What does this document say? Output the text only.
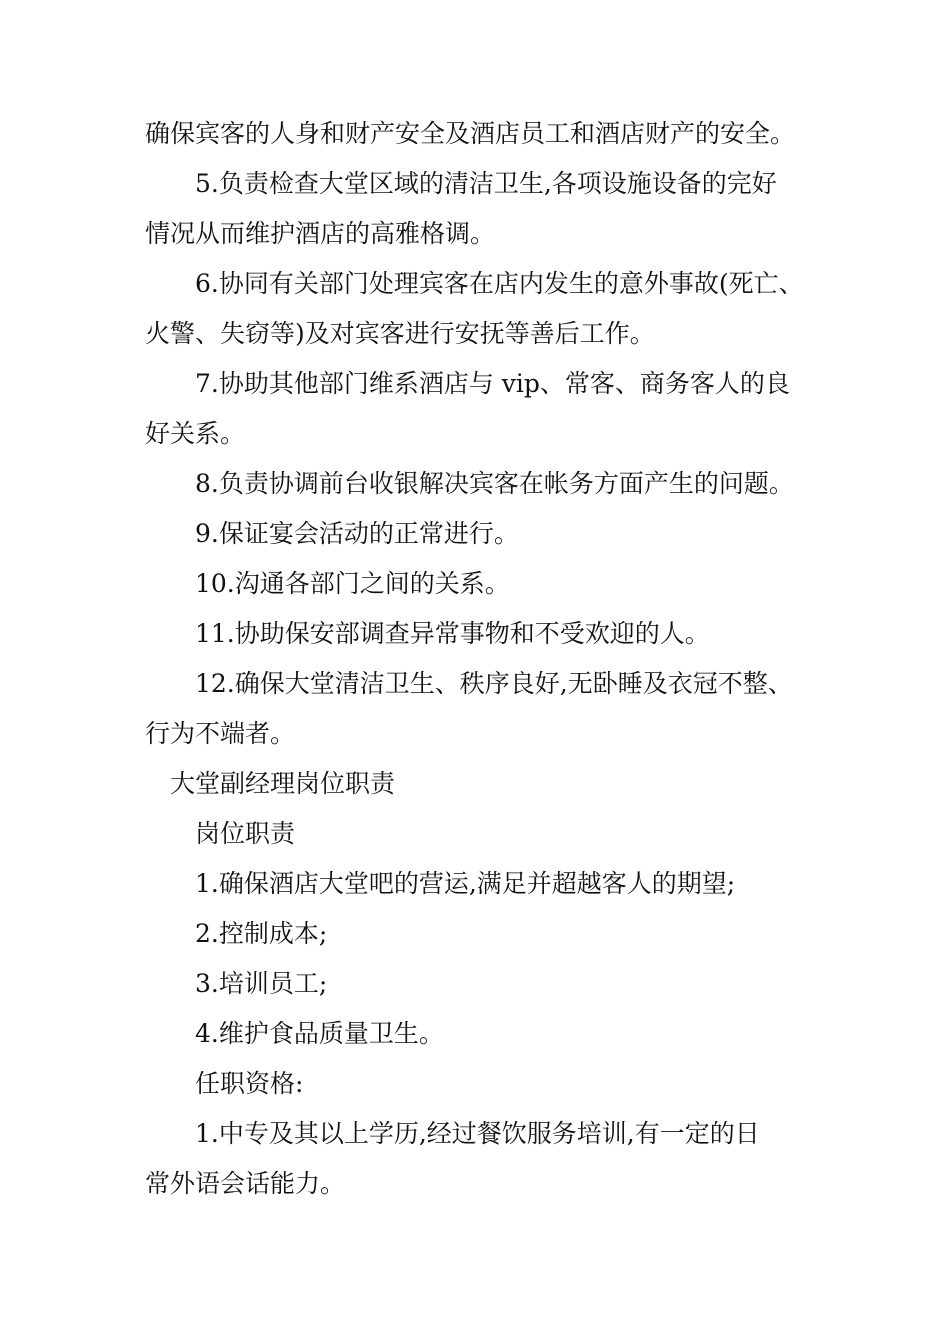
确保宾客的人身和财产安全及酒店员工和酒店财产的安全。
5.负责检查大堂区域的清洁卫生,各项设施设备的完好
情况从而维护酒店的高雅格调。
6.协同有关部门处理宾客在店内发生的意外事故(死亡、
火警、失窃等)及对宾客进行安抚等善后工作。
7.协助其他部门维系酒店与 vip、常客、商务客人的良
好关系。
8.负责协调前台收银解决宾客在帐务方面产生的问题。
9.保证宴会活动的正常进行。
10.沟通各部门之间的关系。
11.协助保安部调查异常事物和不受欢迎的人。
12.确保大堂清洁卫生、秩序良好,无卧睡及衣冠不整、
行为不端者。
大堂副经理岗位职责
岗位职责
1.确保酒店大堂吧的营运,满足并超越客人的期望;
2.控制成本;
3.培训员工;
4.维护食品质量卫生。
任职资格:
1.中专及其以上学历,经过餐饮服务培训,有一定的日
常外语会话能力。
